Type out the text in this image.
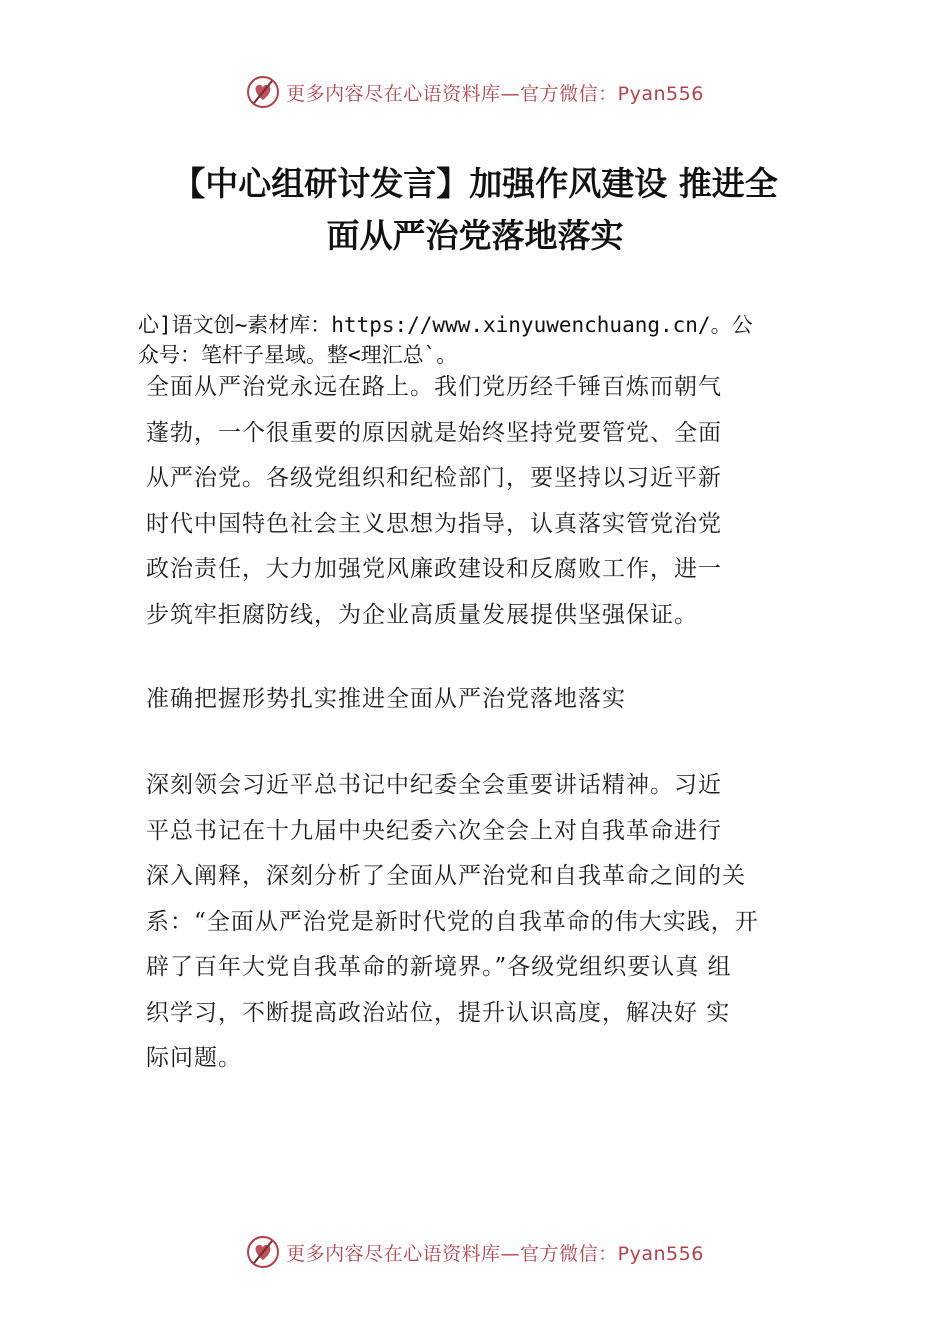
更多内容尽在心语资料库—官方微信：Pyan556
【中心组研讨发言】加强作风建设 推进全
面从严治党落地落实
心]语文创~素材库：https://www.xinyuwenchuang.cn/。公
众号：笔杆子星域。整<理汇总`。
全面从严治党永远在路上。我们党历经千锤百炼而朝气
蓬勃，一个很重要的原因就是始终坚持党要管党、全面
从严治党。各级党组织和纪检部门，要坚持以习近平新
时代中国特色社会主义思想为指导，认真落实管党治党
政治责任，大力加强党风廉政建设和反腐败工作，进一
步筑牢拒腐防线，为企业高质量发展提供坚强保证。
准确把握形势扎实推进全面从严治党落地落实
深刻领会习近平总书记中纪委全会重要讲话精神。习近
平总书记在十九届中央纪委六次全会上对自我革命进行
深入阐释，深刻分析了全面从严治党和自我革命之间的关
系：“全面从严治党是新时代党的自我革命的伟大实践，开
辟了百年大党自我革命的新境界。”各级党组织要认真 组
织学习，不断提高政治站位，提升认识高度，解决好 实
际问题。
更多内容尽在心语资料库—官方微信：Pyan556
